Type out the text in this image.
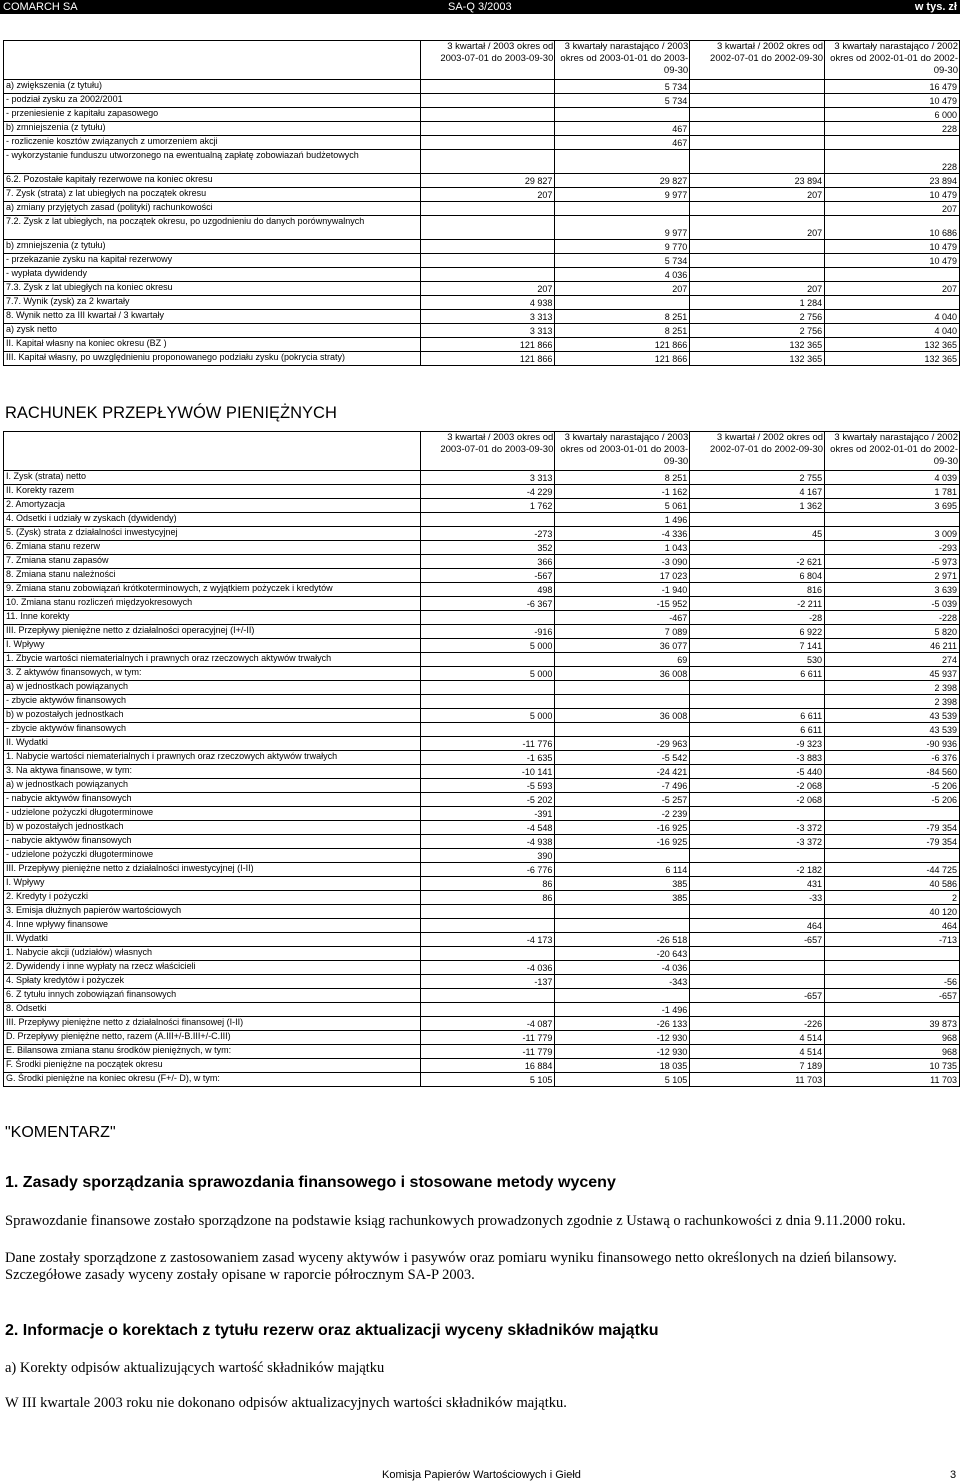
COMARCH SA	SA-Q 3/2003	w tys. zł
	3 kwartał / 2003 okres od 2003-07-01 do 2003-09-30	3 kwartały narastająco / 2003 okres od 2003-01-01 do 2003-09-30	3 kwartał / 2002 okres od 2002-07-01 do 2002-09-30	3 kwartały narastająco / 2002 okres od 2002-01-01 do 2002-09-30
a) zwiększenia (z tytułu)		5 734		16 479
- podział zysku za 2002/2001		5 734		10 479
- przeniesienie z kapitału zapasowego				6 000
b) zmniejszenia (z tytułu)		467		228
- rozliczenie kosztów związanych z umorzeniem akcji		467		
- wykorzystanie funduszu utworzonego na ewentualną zapłatę zobowiazań budżetowych				228
6.2. Pozostałe kapitały rezerwowe na koniec okresu	29 827	29 827	23 894	23 894
7. Zysk (strata) z lat ubiegłych na początek okresu	207	9 977	207	10 479
a) zmiany przyjętych zasad (polityki) rachunkowości				207
7.2. Zysk z lat ubiegłych, na początek okresu, po uzgodnieniu do danych porównywalnych		9 977	207	10 686
b) zmniejszenia (z tytułu)		9 770		10 479
- przekazanie zysku na kapitał rezerwowy		5 734		10 479
- wypłata dywidendy		4 036		
7.3. Zysk z lat ubiegłych na koniec okresu	207	207	207	207
7.7. Wynik (zysk) za 2 kwartały	4 938		1 284	
8. Wynik netto za III kwartał / 3 kwartały	3 313	8 251	2 756	4 040
a) zysk netto	3 313	8 251	2 756	4 040
II. Kapitał własny na koniec okresu (BZ )	121 866	121 866	132 365	132 365
III. Kapitał własny, po uwzględnieniu proponowanego podziału zysku (pokrycia straty)	121 866	121 866	132 365	132 365
RACHUNEK PRZEPŁYWÓW PIENIĘŻNYCH
	3 kwartał / 2003 okres od 2003-07-01 do 2003-09-30	3 kwartały narastająco / 2003 okres od 2003-01-01 do 2003-09-30	3 kwartał / 2002 okres od 2002-07-01 do 2002-09-30	3 kwartały narastająco / 2002 okres od 2002-01-01 do 2002-09-30
I. Zysk (strata) netto	3 313	8 251	2 755	4 039
II. Korekty razem	-4 229	-1 162	4 167	1 781
2. Amortyzacja	1 762	5 061	1 362	3 695
4. Odsetki i udziały w zyskach (dywidendy)		1 496		
5. (Zysk) strata z działalności inwestycyjnej	-273	-4 336	45	3 009
6. Zmiana stanu rezerw	352	1 043		-293
7. Zmiana stanu zapasów	366	-3 090	-2 621	-5 973
8. Zmiana stanu należności	-567	17 023	6 804	2 971
9. Zmiana stanu zobowiązań krótkoterminowych, z wyjątkiem pożyczek i kredytów	498	-1 940	816	3 639
10. Zmiana stanu rozliczeń międzyokresowych	-6 367	-15 952	-2 211	-5 039
11. Inne korekty		-467	-28	-228
III. Przepływy pieniężne netto z działalności operacyjnej (I+/-II)	-916	7 089	6 922	5 820
I. Wpływy	5 000	36 077	7 141	46 211
1. Zbycie wartości niematerialnych i prawnych oraz rzeczowych aktywów trwałych		69	530	274
3. Z aktywów finansowych, w tym:	5 000	36 008	6 611	45 937
a) w jednostkach powiązanych				2 398
- zbycie aktywów finansowych				2 398
b) w pozostałych jednostkach	5 000	36 008	6 611	43 539
- zbycie aktywów finansowych			6 611	43 539
II. Wydatki	-11 776	-29 963	-9 323	-90 936
1. Nabycie wartości niematerialnych i prawnych oraz rzeczowych aktywów trwałych	-1 635	-5 542	-3 883	-6 376
3. Na aktywa finansowe, w tym:	-10 141	-24 421	-5 440	-84 560
a) w jednostkach powiązanych	-5 593	-7 496	-2 068	-5 206
- nabycie aktywów finansowych	-5 202	-5 257	-2 068	-5 206
- udzielone pożyczki długoterminowe	-391	-2 239		
b) w pozostałych jednostkach	-4 548	-16 925	-3 372	-79 354
- nabycie aktywów finansowych	-4 938	-16 925	-3 372	-79 354
- udzielone pożyczki długoterminowe	390			
III. Przepływy pieniężne netto z działalności inwestycyjnej (I-II)	-6 776	6 114	-2 182	-44 725
I. Wpływy	86	385	431	40 586
2. Kredyty i pożyczki	86	385	-33	2
3. Emisja dłużnych papierów wartościowych				40 120
4. Inne wpływy finansowe			464	464
II. Wydatki	-4 173	-26 518	-657	-713
1. Nabycie akcji (udziałów) własnych		-20 643		
2. Dywidendy i inne wypłaty na rzecz właścicieli	-4 036	-4 036		
4. Spłaty kredytów i pożyczek	-137	-343		-56
6. Z tytułu innych zobowiązań finansowych			-657	-657
8. Odsetki		-1 496		
III. Przepływy pieniężne netto z działalności finansowej (I-II)	-4 087	-26 133	-226	39 873
D. Przepływy pieniężne netto, razem (A.III+/-B.III+/-C.III)	-11 779	-12 930	4 514	968
E. Bilansowa zmiana stanu środków pieniężnych, w tym:	-11 779	-12 930	4 514	968
F. Środki pieniężne na początek okresu	16 884	18 035	7 189	10 735
G. Środki pieniężne na koniec okresu (F+/- D), w tym:	5 105	5 105	11 703	11 703
"KOMENTARZ"
1. Zasady sporządzania sprawozdania finansowego i stosowane metody wyceny
Sprawozdanie finansowe zostało sporządzone na podstawie ksiąg rachunkowych prowadzonych zgodnie z Ustawą o rachunkowości z dnia 9.11.2000 roku.
Dane zostały sporządzone z zastosowaniem zasad wyceny aktywów i pasywów oraz pomiaru wyniku finansowego netto określonych na dzień bilansowy. Szczegółowe zasady wyceny zostały opisane w raporcie półrocznym SA-P 2003.
2. Informacje o korektach z tytułu rezerw oraz aktualizacji wyceny składników majątku
a) Korekty odpisów aktualizujących wartość składników majątku
W III kwartale 2003 roku nie dokonano odpisów aktualizacyjnych wartości składników majątku.
Komisja Papierów Wartościowych i Giełd	3
